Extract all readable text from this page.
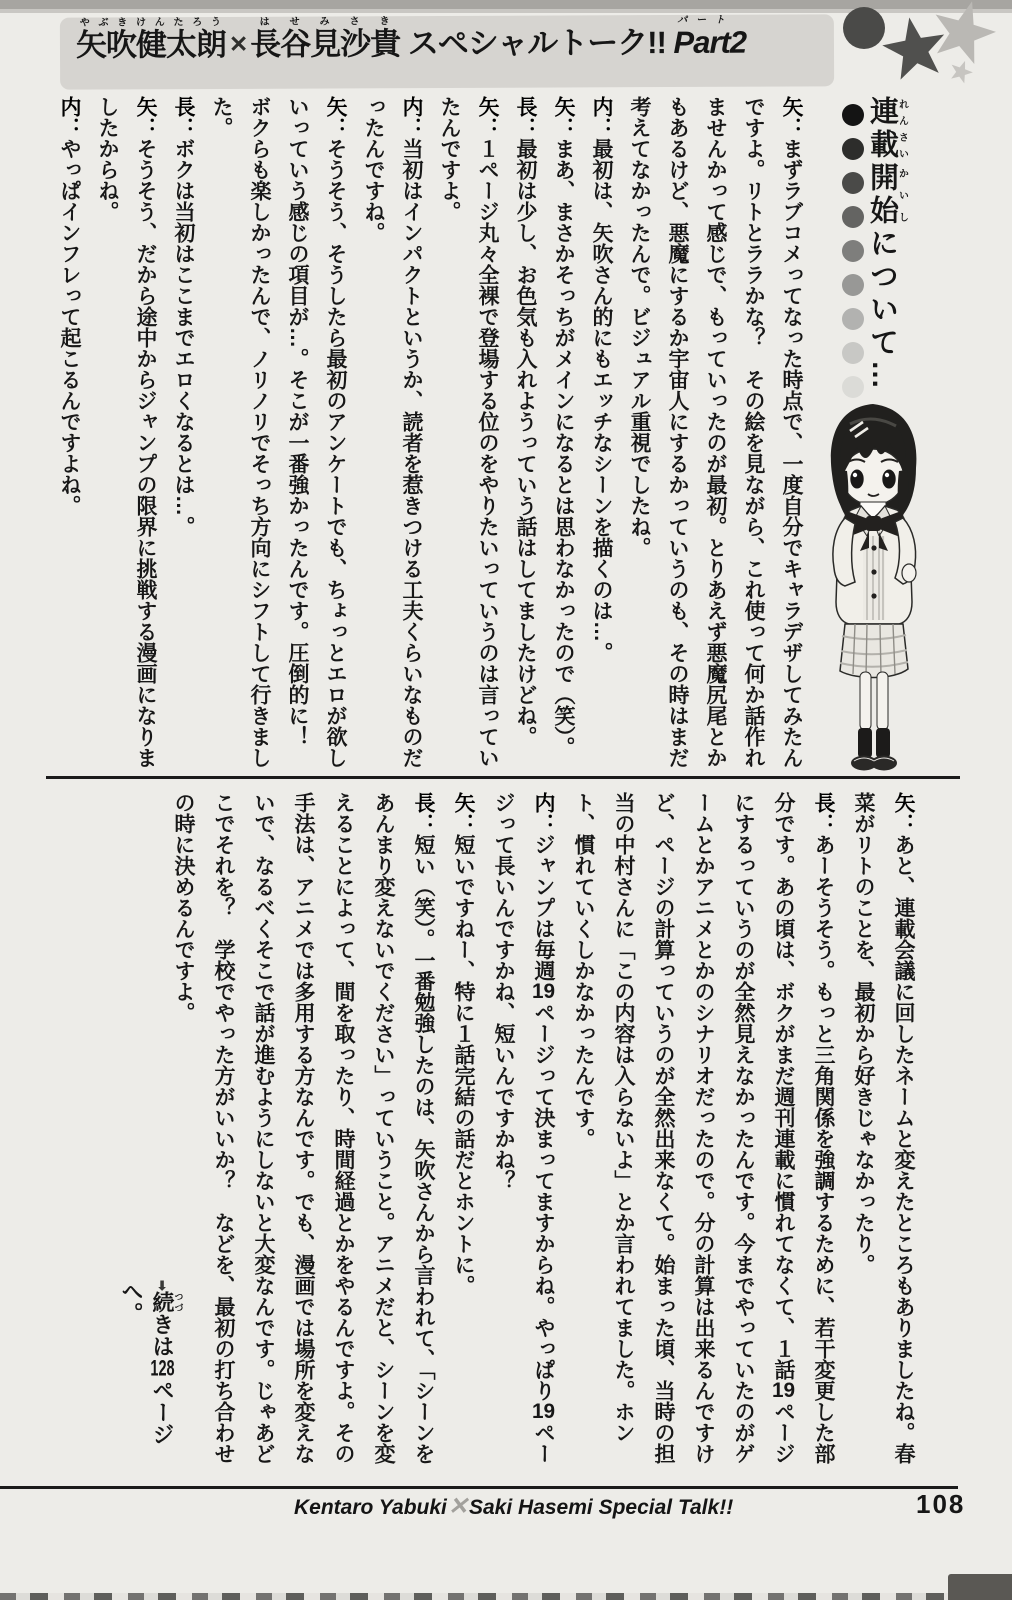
矢吹健太朗やぶきけんたろう✕長谷見沙貴はせみさき スペシャルトーク!! Partパート2
連載れんさい開始かいしについて…

矢：まずラブコメってなった時点で、一度自分でキャラデザしてみたんですよ。リトとララかな？　その絵を見ながら、これ使って何か話作れませんかって感じで、もっていったのが最初。とりあえず悪魔尻尾とかもあるけど、悪魔にするか宇宙人にするかっていうのも、その時はまだ考えてなかったんで。ビジュアル重視でしたね。

内：最初は、矢吹さん的にもエッチなシーンを描くのは…。

矢：まあ、まさかそっちがメインになるとは思わなかったので（笑）。

長：最初は少し、お色気も入れようっていう話はしてましたけどね。

矢：１ページ丸々全裸で登場する位のをやりたいっていうのは言っていたんですよ。

内：当初はインパクトというか、読者を惹きつける工夫くらいなものだったんですね。

矢：そうそう、そうしたら最初のアンケートでも、ちょっとエロが欲しいっていう感じの項目が…。そこが一番強かったんです。圧倒的に！　ボクらも楽しかったんで、ノリノリでそっち方向にシフトして行きました。

長：ボクは当初はここまでエロくなるとは…。

矢：そうそう、だから途中からジャンプの限界に挑戦する漫画になりましたからね。

内：やっぱインフレって起こるんですよね。

矢：あと、連載会議に回したネームと変えたところもありましたね。春菜がリトのことを、最初から好きじゃなかったり。

長：あーそうそう。もっと三角関係を強調するために、若干変更した部分です。あの頃は、ボクがまだ週刊連載に慣れてなくて、１話19ページにするっていうのが全然見えなかったんです。今までやっていたのがゲームとかアニメとかのシナリオだったので。分の計算は出来るんですけど、ページの計算っていうのが全然出来なくて。始まった頃、当時の担当の中村さんに「この内容は入らないよ」とか言われてました。ホント、慣れていくしかなかったんです。

内：ジャンプは毎週19ページって決まってますからね。やっぱり19ページって長いんですかね、短いんですかね？

矢：短いですねー、特に１話完結の話だとホントに。

長：短い（笑）。一番勉強したのは、矢吹さんから言われて、「シーンをあんまり変えないでください」っていうこと。アニメだと、シーンを変えることによって、間を取ったり、時間経過とかをやるんですよ。その手法は、アニメでは多用する方なんです。でも、漫画では場所を変えないで、なるべくそこで話が進むようにしないと大変なんです。じゃあどこでそれを？　学校でやった方がいいか？　などを、最初の打ち合わせの時に決めるんですよ。

➡続つづきは128ページへ。
Kentaro Yabuki✕Saki Hasemi Special Talk!!	108
